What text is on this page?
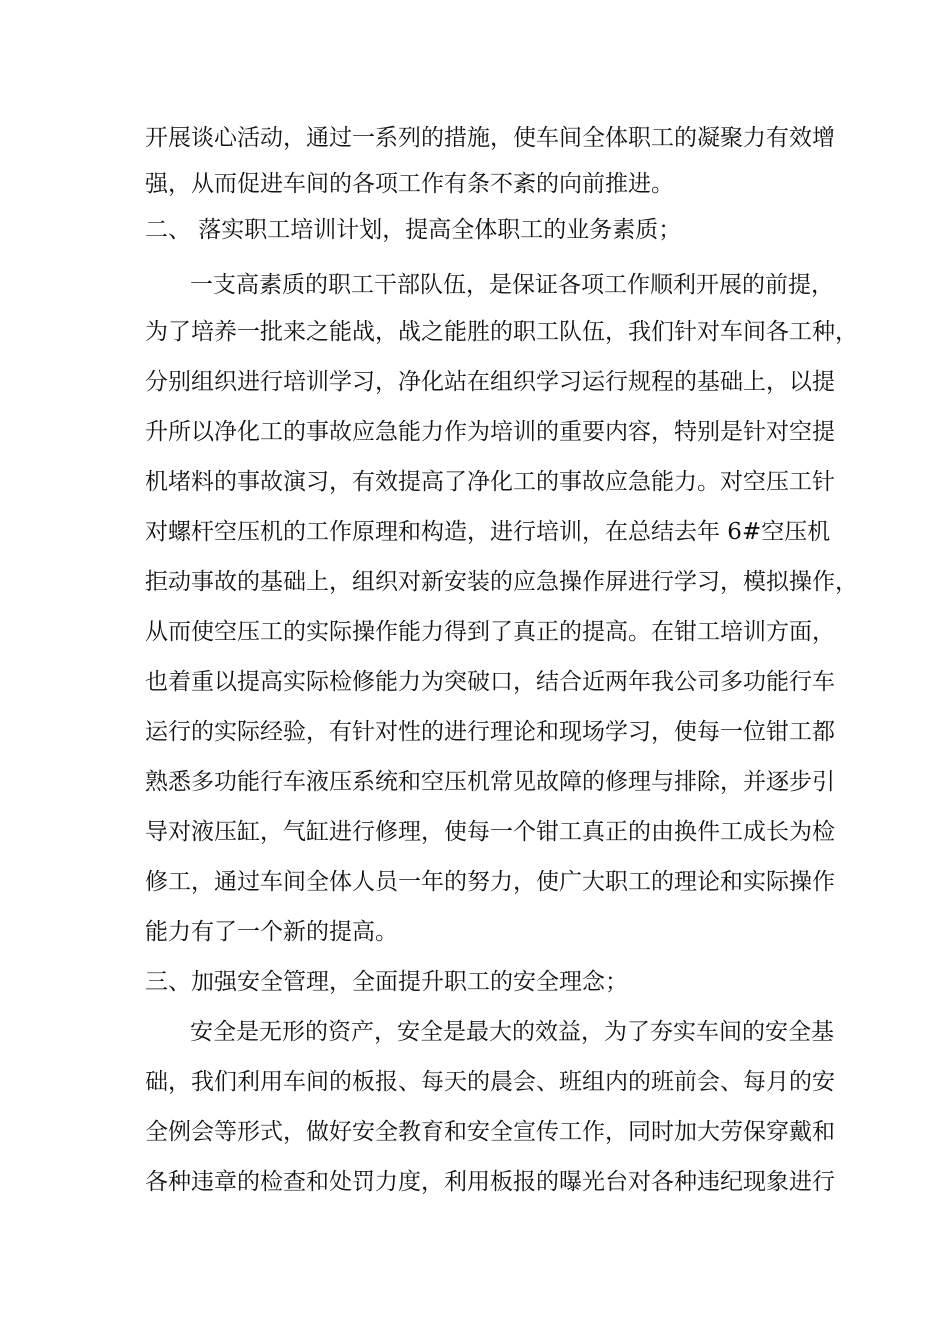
开展谈心活动，通过一系列的措施，使车间全体职工的凝聚力有效增
强，从而促进车间的各项工作有条不紊的向前推进。
二、 落实职工培训计划，提高全体职工的业务素质；
一支高素质的职工干部队伍，是保证各项工作顺利开展的前提，
为了培养一批来之能战，战之能胜的职工队伍，我们针对车间各工种，
分别组织进行培训学习，净化站在组织学习运行规程的基础上，以提
升所以净化工的事故应急能力作为培训的重要内容，特别是针对空提
机堵料的事故演习，有效提高了净化工的事故应急能力。对空压工针
对螺杆空压机的工作原理和构造，进行培训，在总结去年 6#空压机
拒动事故的基础上，组织对新安装的应急操作屏进行学习，模拟操作，
从而使空压工的实际操作能力得到了真正的提高。在钳工培训方面，
也着重以提高实际检修能力为突破口，结合近两年我公司多功能行车
运行的实际经验，有针对性的进行理论和现场学习，使每一位钳工都
熟悉多功能行车液压系统和空压机常见故障的修理与排除，并逐步引
导对液压缸，气缸进行修理，使每一个钳工真正的由换件工成长为检
修工，通过车间全体人员一年的努力，使广大职工的理论和实际操作
能力有了一个新的提高。
三、加强安全管理，全面提升职工的安全理念；
安全是无形的资产，安全是最大的效益，为了夯实车间的安全基
础，我们利用车间的板报、每天的晨会、班组内的班前会、每月的安
全例会等形式，做好安全教育和安全宣传工作，同时加大劳保穿戴和
各种违章的检查和处罚力度，利用板报的曝光台对各种违纪现象进行
